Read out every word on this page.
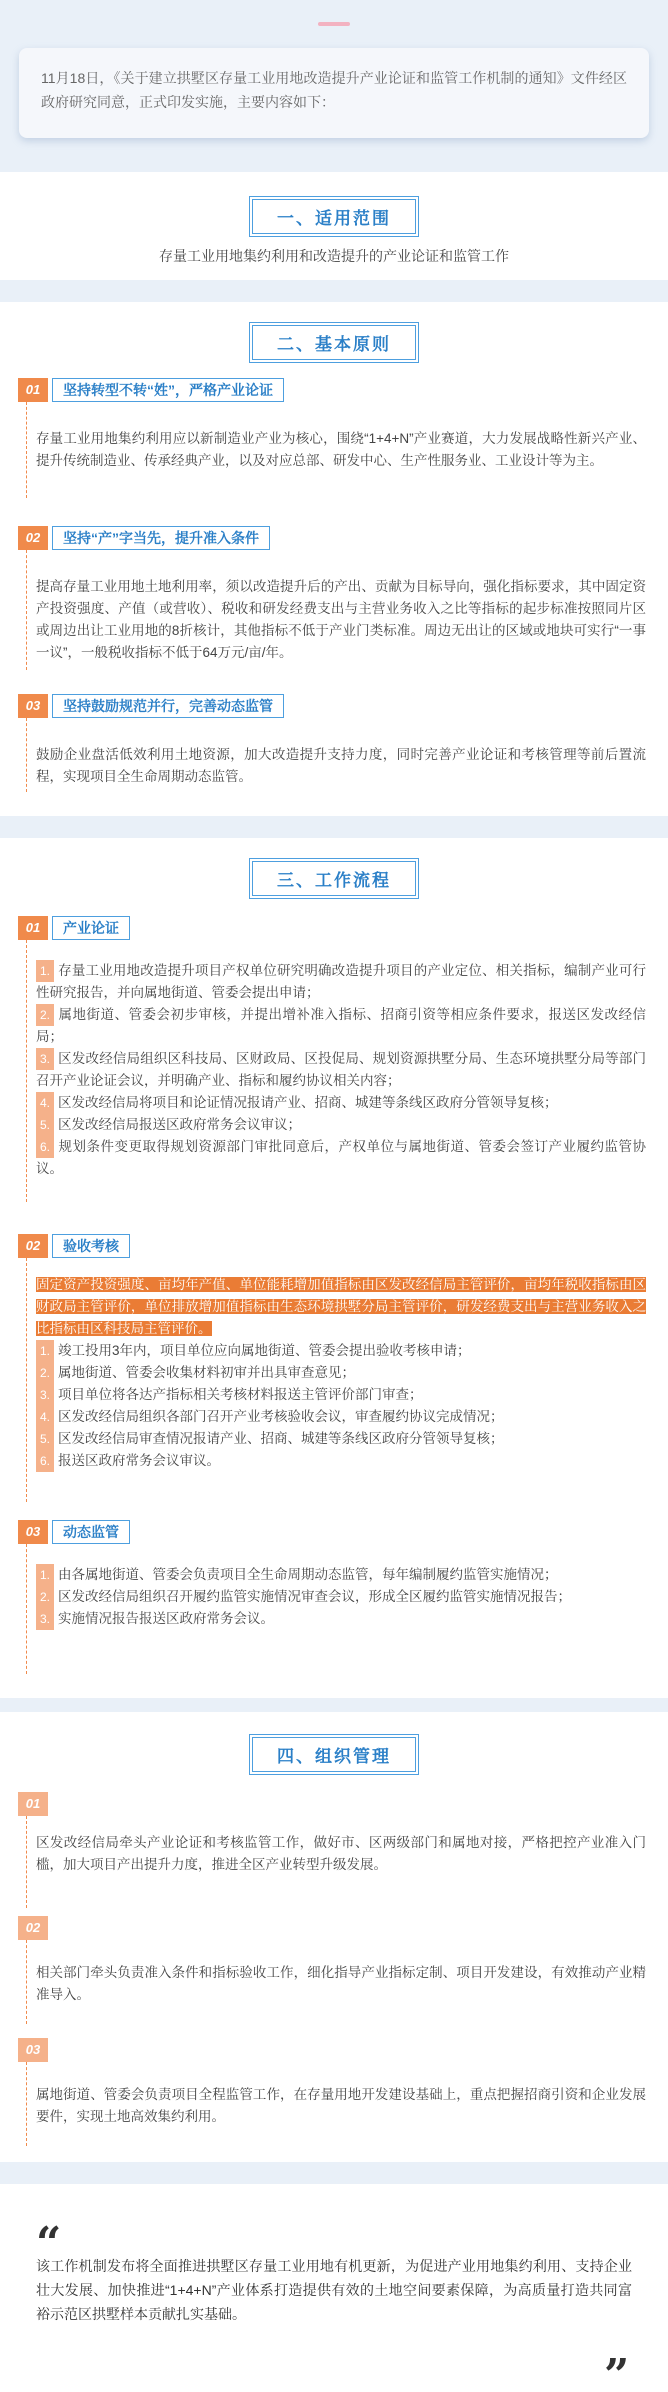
11月18日，《关于建立拱墅区存量工业用地改造提升产业论证和监管工作机制的通知》文件经区政府研究同意，正式印发实施，主要内容如下：

一、适用范围

存量工业用地集约利用和改造提升的产业论证和监管工作

二、基本原则
01	坚持转型不转“姓”，严格产业论证

存量工业用地集约利用应以新制造业产业为核心，围绕“1+4+N”产业赛道，大力发展战略性新兴产业、提升传统制造业、传承经典产业，以及对应总部、研发中心、生产性服务业、工业设计等为主。

02	坚持“产”字当先，提升准入条件

提高存量工业用地土地利用率，须以改造提升后的产出、贡献为目标导向，强化指标要求，其中固定资产投资强度、产值（或营收）、税收和研发经费支出与主营业务收入之比等指标的起步标准按照同片区或周边出让工业用地的8折核计，其他指标不低于产业门类标准。周边无出让的区域或地块可实行“一事一议”，一般税收指标不低于64万元/亩/年。

03	坚持鼓励规范并行，完善动态监管

鼓励企业盘活低效利用土地资源，加大改造提升支持力度，同时完善产业论证和考核管理等前后置流程，实现项目全生命周期动态监管。

三、工作流程
01	产业论证
1. 存量工业用地改造提升项目产权单位研究明确改造提升项目的产业定位、相关指标，编制产业可行性研究报告，并向属地街道、管委会提出申请；
2. 属地街道、管委会初步审核，并提出增补准入指标、招商引资等相应条件要求，报送区发改经信局；
3. 区发改经信局组织区科技局、区财政局、区投促局、规划资源拱墅分局、生态环境拱墅分局等部门召开产业论证会议，并明确产业、指标和履约协议相关内容；
4. 区发改经信局将项目和论证情况报请产业、招商、城建等条线区政府分管领导复核；
5. 区发改经信局报送区政府常务会议审议；
6. 规划条件变更取得规划资源部门审批同意后，产权单位与属地街道、管委会签订产业履约监管协议。
02	验收考核
固定资产投资强度、亩均年产值、单位能耗增加值指标由区发改经信局主管评价，亩均年税收指标由区财政局主管评价，单位排放增加值指标由生态环境拱墅分局主管评价，研发经费支出与主营业务收入之比指标由区科技局主管评价。
1. 竣工投用3年内，项目单位应向属地街道、管委会提出验收考核申请；
2. 属地街道、管委会收集材料初审并出具审查意见；
3. 项目单位将各达产指标相关考核材料报送主管评价部门审查；
4. 区发改经信局组织各部门召开产业考核验收会议，审查履约协议完成情况；
5. 区发改经信局审查情况报请产业、招商、城建等条线区政府分管领导复核；
6. 报送区政府常务会议审议。
03	动态监管
1. 由各属地街道、管委会负责项目全生命周期动态监管，每年编制履约监管实施情况；
2. 区发改经信局组织召开履约监管实施情况审查会议，形成全区履约监管实施情况报告；
3. 实施情况报告报送区政府常务会议。
四、组织管理
01

区发改经信局牵头产业论证和考核监管工作，做好市、区两级部门和属地对接，严格把控产业准入门槛，加大项目产出提升力度，推进全区产业转型升级发展。

02

相关部门牵头负责准入条件和指标验收工作，细化指导产业指标定制、项目开发建设，有效推动产业精准导入。

03

属地街道、管委会负责项目全程监管工作，在存量用地开发建设基础上，重点把握招商引资和企业发展要件，实现土地高效集约利用。

“

该工作机制发布将全面推进拱墅区存量工业用地有机更新，为促进产业用地集约利用、支持企业壮大发展、加快推进“1+4+N”产业体系打造提供有效的土地空间要素保障，为高质量打造共同富裕示范区拱墅样本贡献扎实基础。

”
